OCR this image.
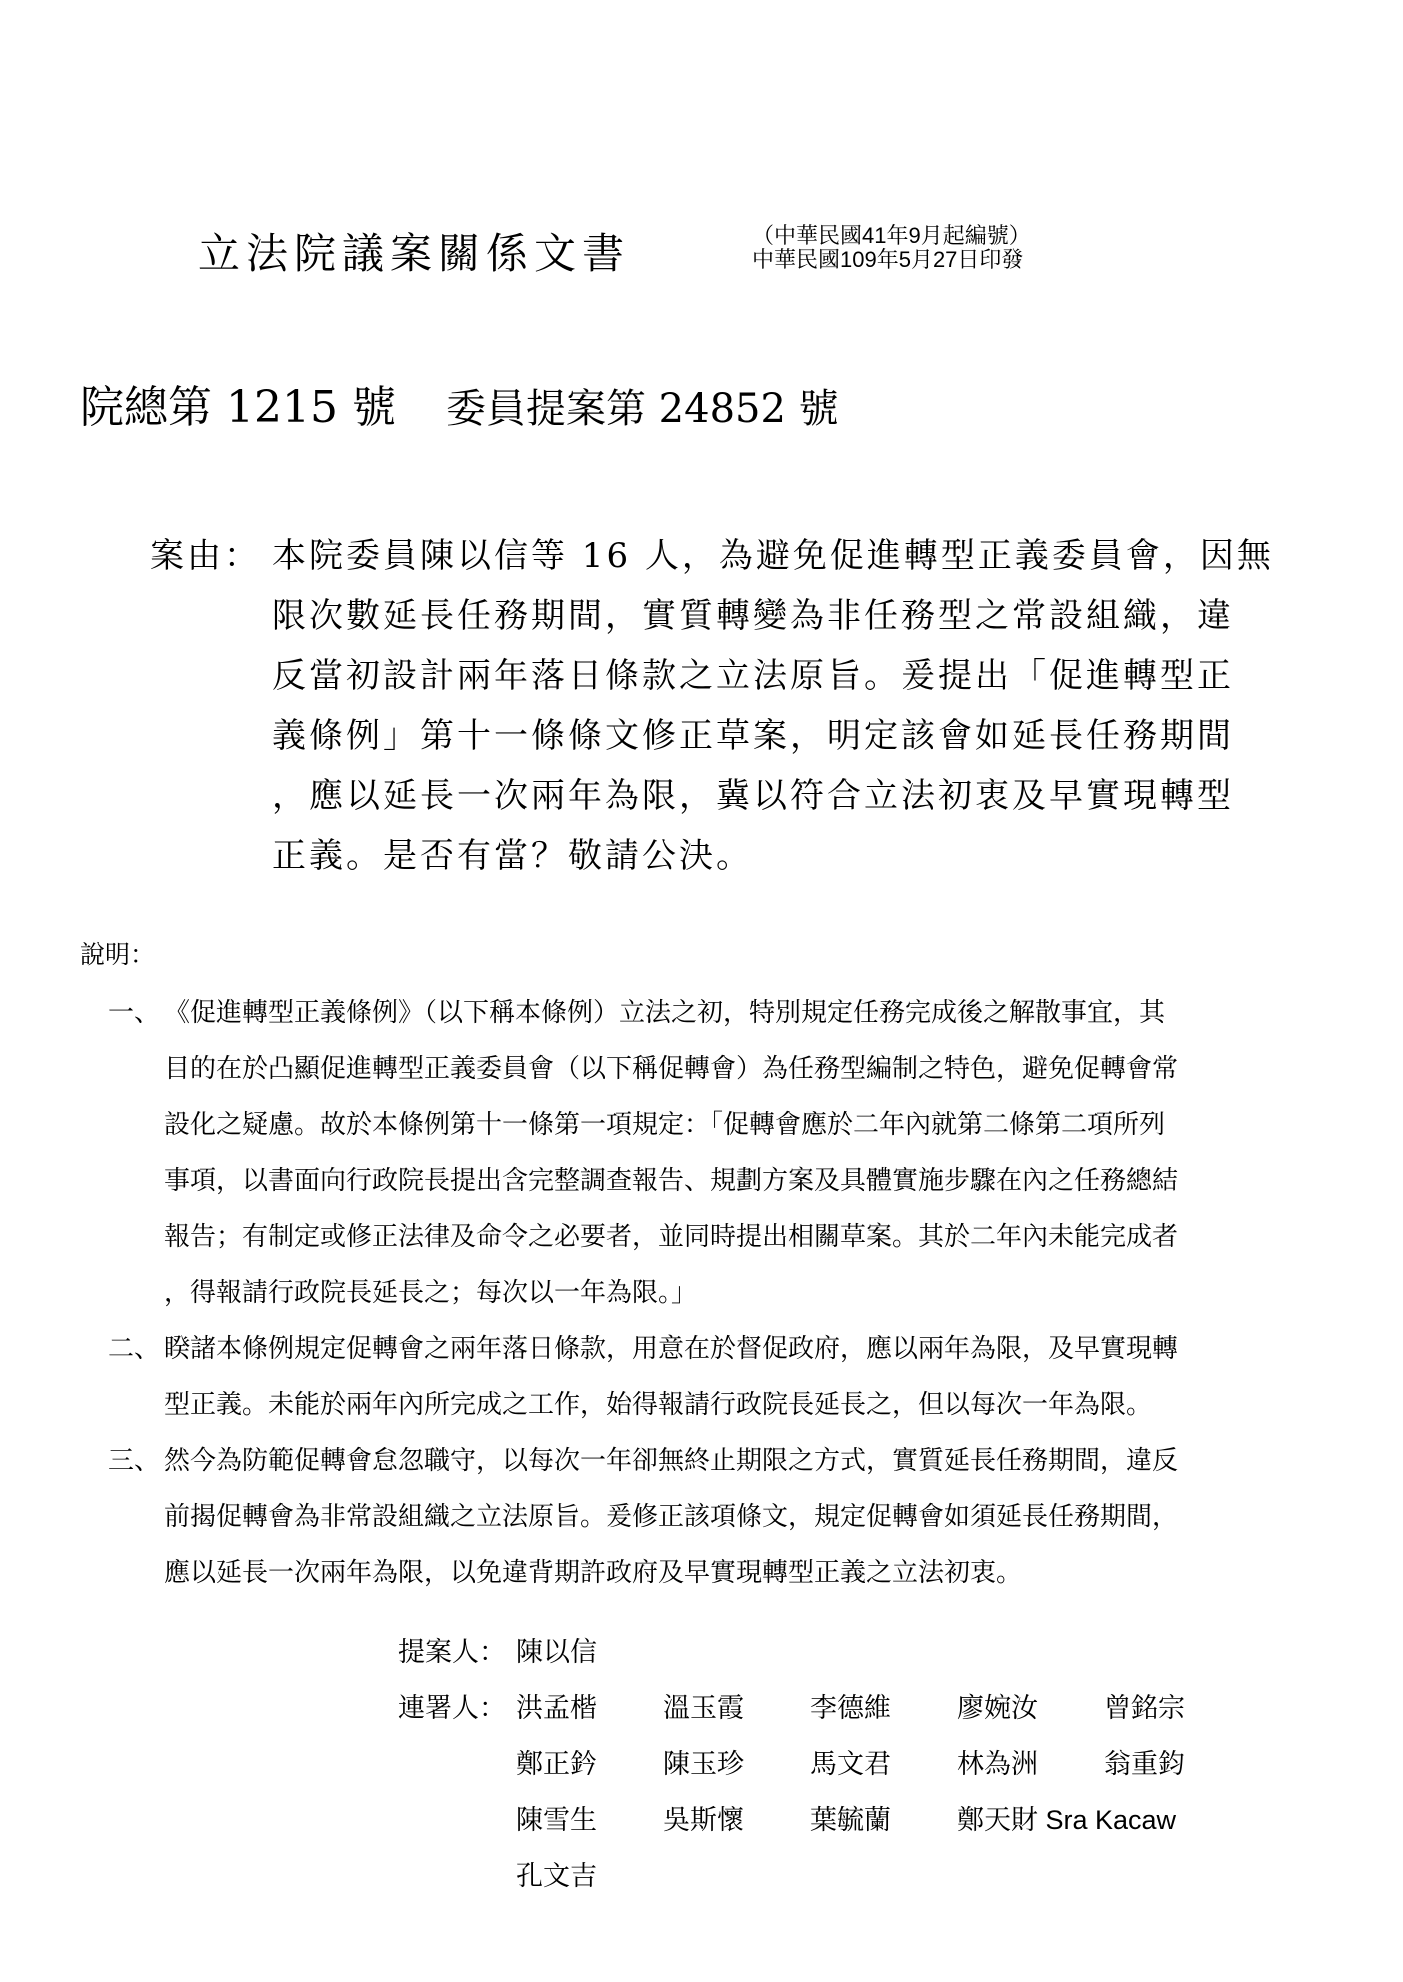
立法院議案關係文書	（中華民國41年9月起編號）
中華民國109年5月27日印發
院總第 1215 號 委員提案第 24852 號
案由： 本院委員陳以信等 16 人，為避免促進轉型正義委員會，因無
限次數延長任務期間，實質轉變為非任務型之常設組織，違
反當初設計兩年落日條款之立法原旨。爰提出「促進轉型正
義條例」第十一條條文修正草案，明定該會如延長任務期間
，應以延長一次兩年為限，冀以符合立法初衷及早實現轉型
正義。是否有當？敬請公決。
說明：
一、 《促進轉型正義條例》（以下稱本條例）立法之初，特別規定任務完成後之解散事宜，其
目的在於凸顯促進轉型正義委員會（以下稱促轉會）為任務型編制之特色，避免促轉會常
設化之疑慮。故於本條例第十一條第一項規定：「促轉會應於二年內就第二條第二項所列
事項，以書面向行政院長提出含完整調查報告、規劃方案及具體實施步驟在內之任務總結
報告；有制定或修正法律及命令之必要者，並同時提出相關草案。其於二年內未能完成者
，得報請行政院長延長之；每次以一年為限。」
二、 睽諸本條例規定促轉會之兩年落日條款，用意在於督促政府，應以兩年為限，及早實現轉
型正義。未能於兩年內所完成之工作，始得報請行政院長延長之，但以每次一年為限。
三、 然今為防範促轉會怠忽職守，以每次一年卻無終止期限之方式，實質延長任務期間，違反
前揭促轉會為非常設組織之立法原旨。爰修正該項條文，規定促轉會如須延長任務期間，
應以延長一次兩年為限，以免違背期許政府及早實現轉型正義之立法初衷。
提案人： 陳以信
連署人： 洪孟楷 溫玉霞 李德維 廖婉汝 曾銘宗
鄭正鈐 陳玉珍 馬文君 林為洲 翁重鈞
陳雪生 吳斯懷 葉毓蘭 鄭天財 Sra Kacaw
孔文吉
